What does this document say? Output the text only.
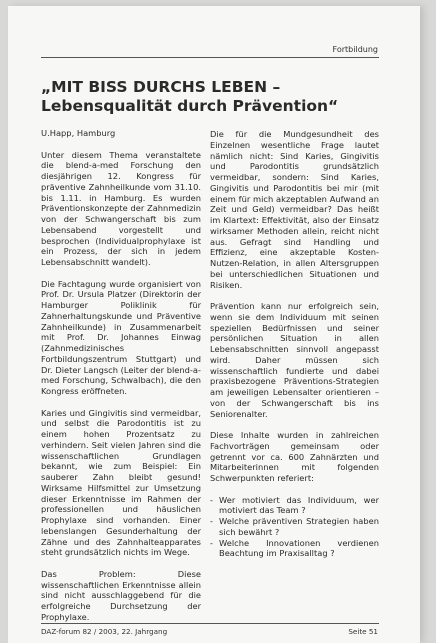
Fortbildung
„MIT BISS DURCHS LEBEN – Lebensqualität durch Prävention“

U.Happ, Hamburg

Unter diesem Thema veranstaltete die blend-a-med Forschung den diesjährigen 12. Kongress für präventive Zahnheilkunde vom 31.10. bis 1.11. in Hamburg. Es wurden Präventionskonzepte der Zahnmedizin von der Schwangerschaft bis zum Lebensabend vorgestellt und besprochen (Individualprophylaxe ist ein Prozess, der sich in jedem Lebensabschnitt wandelt).

Die Fachtagung wurde organisiert von Prof. Dr. Ursula Platzer (Direktorin der Hamburger Poliklinik für Zahnerhaltungskunde und Präventive Zahnheilkunde) in Zusammenarbeit mit Prof. Dr. Johannes Einwag (Zahnmedizinisches Fortbildungszentrum Stuttgart) und Dr. Dieter Langsch (Leiter der blend-a-med Forschung, Schwalbach), die den Kongress eröffneten.

Karies und Gingivitis sind vermeidbar, und selbst die Parodontitis ist zu einem hohen Prozentsatz zu verhindern. Seit vielen Jahren sind die wissenschaftlichen Grundlagen bekannt, wie zum Beispiel: Ein sauberer Zahn bleibt gesund! Wirksame Hilfsmittel zur Umsetzung dieser Erkenntnisse im Rahmen der professionellen und häuslichen Prophylaxe sind vorhanden. Einer lebenslangen Gesunderhaltung der Zähne und des Zahnhalteapparates steht grundsätzlich nichts im Wege.

Das Problem: Diese wissenschaftlichen Erkenntnisse allein sind nicht ausschlaggebend für die erfolgreiche Durchsetzung der Prophylaxe.

Die für die Mundgesundheit des Einzelnen wesentliche Frage lautet nämlich nicht: Sind Karies, Gingivitis und Parodontitis grundsätzlich vermeidbar, sondern: Sind Karies, Gingivitis und Parodontitis bei mir (mit einem für mich akzeptablen Aufwand an Zeit und Geld) vermeidbar? Das heißt im Klartext: Effektivität, also der Einsatz wirksamer Methoden allein, reicht nicht aus. Gefragt sind Handling und Effizienz, eine akzeptable Kosten-Nutzen-Relation, in allen Altersgruppen bei unterschiedlichen Situationen und Risiken.

Prävention kann nur erfolgreich sein, wenn sie dem Individuum mit seinen speziellen Bedürfnissen und seiner persönlichen Situation in allen Lebensabschnitten sinnvoll angepasst wird. Daher müssen sich wissenschaftlich fundierte und dabei praxisbezogene Präventions-Strategien am jeweiligen Lebensalter orientieren – von der Schwangerschaft bis ins Seniorenalter.

Diese Inhalte wurden in zahlreichen Fachvorträgen gemeinsam oder getrennt vor ca. 600 Zahnärzten und Mitarbeiterinnen mit folgenden Schwerpunkten referiert:

- Wer motiviert das Individuum, wer motiviert das Team ?
- Welche präventiven Strategien haben sich bewährt ?
- Welche Innovationen verdienen Beachtung im Praxisalltag ?
DAZ-forum 82 / 2003, 22. Jahrgang	Seite 51
